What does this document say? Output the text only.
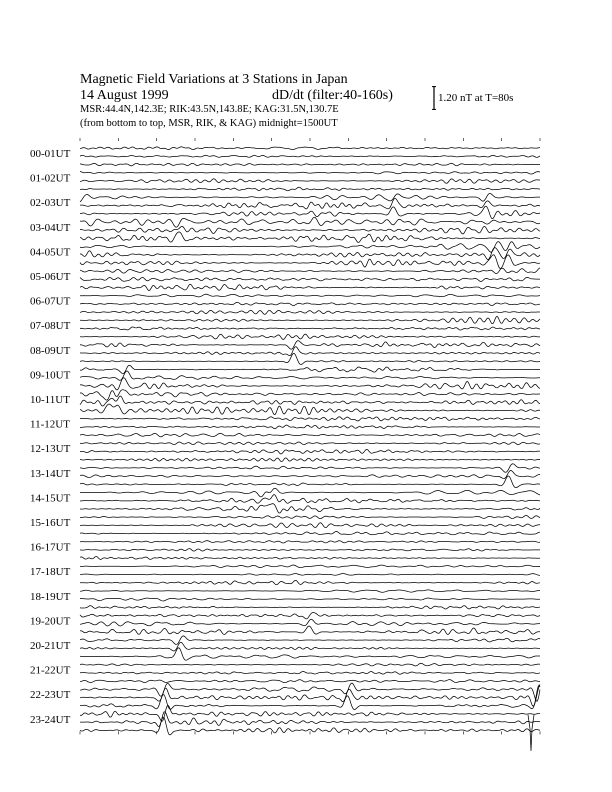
Magnetic Field Variations at 3 Stations in Japan
14 August 1999	dD/dt (filter:40-160s)
MSR:44.4N,142.3E; RIK:43.5N,143.8E; KAG:31.5N,130.7E
(from bottom to top, MSR, RIK, & KAG) midnight=1500UT
1.20 nT at T=80s
00-01UT
01-02UT
02-03UT
03-04UT
04-05UT
05-06UT
06-07UT
07-08UT
08-09UT
09-10UT
10-11UT
11-12UT
12-13UT
13-14UT
14-15UT
15-16UT
16-17UT
17-18UT
18-19UT
19-20UT
20-21UT
21-22UT
22-23UT
23-24UT
